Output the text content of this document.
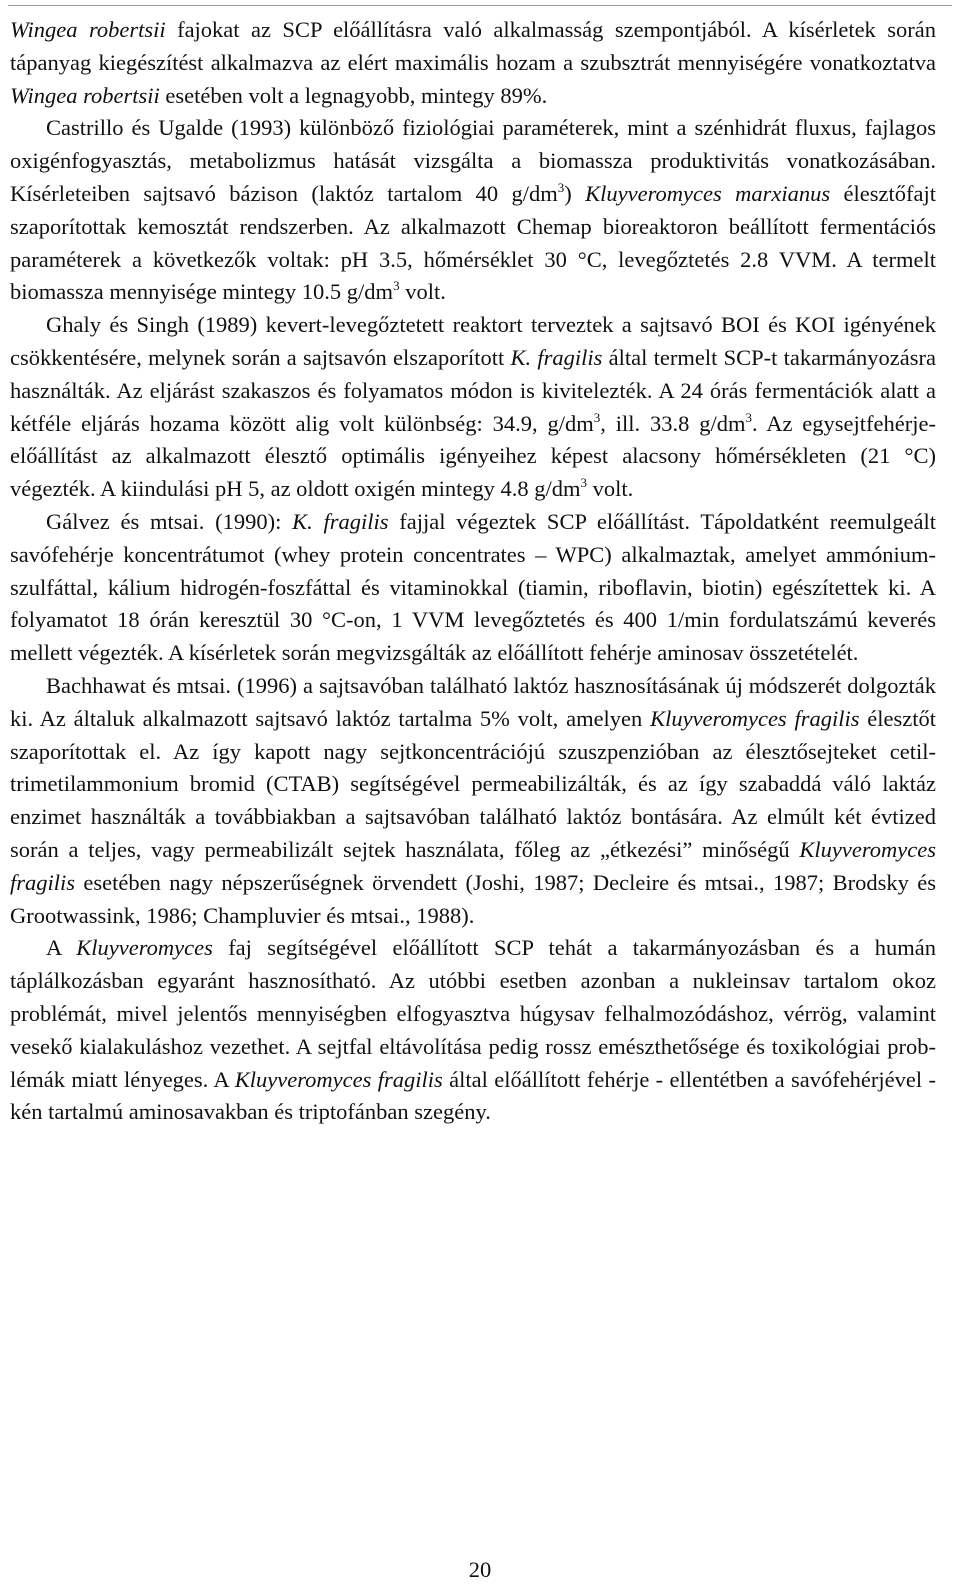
Wingea robertsii fajokat az SCP előállításra való alkalmasság szempontjából. A kísérletek során tápanyag kiegészítést alkalmazva az elért maximális hozam a szubsztrát mennyiségére vonatkoztatva Wingea robertsii esetében volt a legnagyobb, mintegy 89%.

Castrillo és Ugalde (1993) különböző fiziológiai paraméterek, mint a szénhidrát fluxus, fajlagos oxigénfogyasztás, metabolizmus hatását vizsgálta a biomassza produktivitás vonatkozásában. Kísérleteiben sajtsavó bázison (laktóz tartalom 40 $g/dm^3$) Kluyveromyces marxianus élesztőfajt szaporítottak kemosztát rendszerben. Az alkalmazott Chemap bioreaktoron beállított fermentációs paraméterek a következők voltak: pH 3.5, hőmérséklet 30 °C, levegőztetés 2.8 VVM. A termelt biomassza mennyisége mintegy 10.5 $g/dm^3$ volt.

Ghaly és Singh (1989) kevert-levegőztetett reaktort terveztek a sajtsavó BOI és KOI igényének csökkentésére, melynek során a sajtsavón elszaporított K. fragilis által termelt SCP-t takarmányozásra használták. Az eljárást szakaszos és folyamatos módon is kivitelezték. A 24 órás fermentációk alatt a kétféle eljárás hozama között alig volt különbség: 34.9, $g/dm^3$, ill. 33.8 $g/dm^3$. Az egysejtfehérje-előállítást az alkalmazott élesztő optimális igényeihez képest alacsony hőmérsékleten (21 °C) végezték. A kiindulási pH 5, az oldott oxigén mintegy 4.8 $g/dm^3$ volt.

Gálvez és mtsai. (1990): K. fragilis fajjal végeztek SCP előállítást. Tápoldatként reemulgeált savófehérje koncentrátumot (whey protein concentrates – WPC) alkalmaztak, amelyet ammónium-szulfáttal, kálium hidrogén-foszfáttal és vitaminokkal (tiamin, riboflavin, biotin) egészítettek ki. A folyamatot 18 órán keresztül 30 °C-on, 1 VVM levegőztetés és 400 1/min fordulatszámú keverés mellett végezték. A kísérletek során megvizsgálták az előállított fehérje aminosav összetételét.

Bachhawat és mtsai. (1996) a sajtsavóban található laktóz hasznosításának új módszerét dolgozták ki. Az általuk alkalmazott sajtsavó laktóz tartalma 5% volt, amelyen Kluyveromyces fragilis élesztőt szaporítottak el. Az így kapott nagy sejtkoncentrációjú szuszpenzióban az élesztősejteket cetiltrimetilammonium bromid (CTAB) segítségével permeabilizálták, és az így szabaddá váló laktáz enzimet használták a továbbiakban a sajtsavóban található laktóz bontására. Az elmúlt két évtized során a teljes, vagy permeabilizált sejtek használata, főleg az „étkezési” minőségű Kluyveromyces fragilis esetében nagy népszerűségnek örvendett (Joshi, 1987; Decleire és mtsai., 1987; Brodsky és Grootwassink, 1986; Champluvier és mtsai., 1988).

A Kluyveromyces faj segítségével előállított SCP tehát a takarmányozásban és a humán táplálkozásban egyaránt hasznosítható. Az utóbbi esetben azonban a nukleinsav tartalom okoz problémát, mivel jelentős mennyiségben elfogyasztva húgysav felhalmozódáshoz, vérrög, valamint vesekő kialakuláshoz vezethet. A sejtfal eltávolítása pedig rossz emészthetősége és toxikológiai problémák miatt lényeges. A Kluyveromyces fragilis által előállított fehérje - ellentétben a savófehérjével - kén tartalmú aminosavakban és triptofánban szegény.

20
